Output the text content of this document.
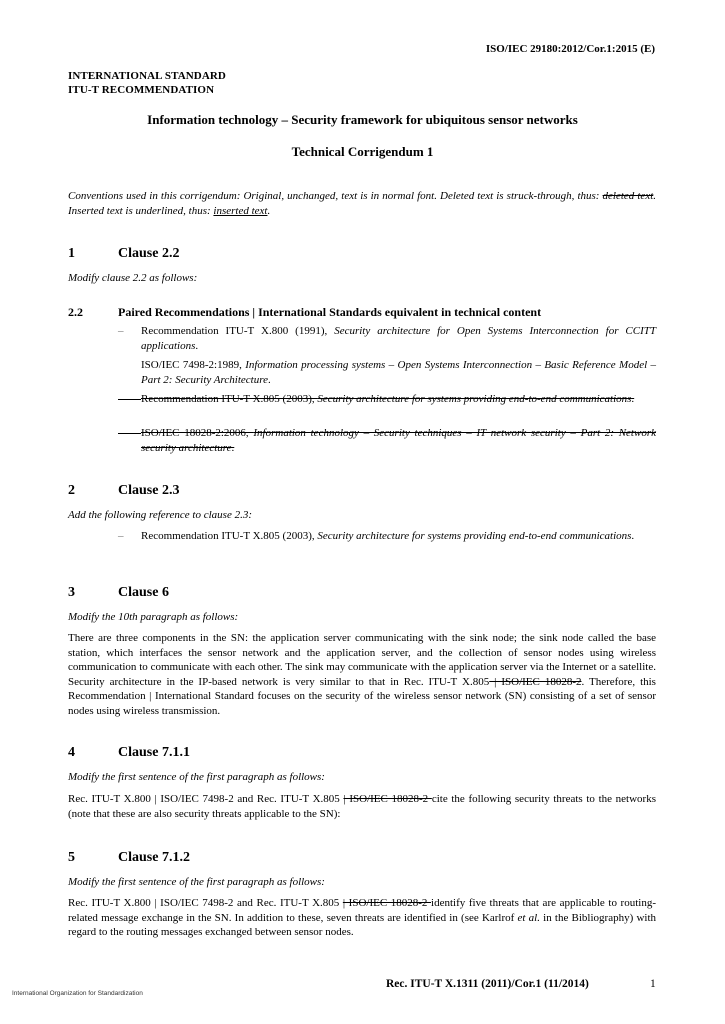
ISO/IEC 29180:2012/Cor.1:2015 (E)
INTERNATIONAL STANDARD
ITU-T RECOMMENDATION
Information technology – Security framework for ubiquitous sensor networks
Technical Corrigendum 1
Conventions used in this corrigendum: Original, unchanged, text is in normal font. Deleted text is struck-through, thus: deleted text. Inserted text is underlined, thus: inserted text.
1	Clause 2.2
Modify clause 2.2 as follows:
2.2	Paired Recommendations | International Standards equivalent in technical content
– Recommendation ITU-T X.800 (1991), Security architecture for Open Systems Interconnection for CCITT applications.
ISO/IEC 7498-2:1989, Information processing systems – Open Systems Interconnection – Basic Reference Model – Part 2: Security Architecture.
Recommendation ITU-T X.805 (2003), Security architecture for systems providing end-to-end communications.
ISO/IEC 18028-2:2006, Information technology – Security techniques – IT network security – Part 2: Network security architecture.
2	Clause 2.3
Add the following reference to clause 2.3:
– Recommendation ITU-T X.805 (2003), Security architecture for systems providing end-to-end communications.
3	Clause 6
Modify the 10th paragraph as follows:
There are three components in the SN: the application server communicating with the sink node; the sink node called the base station, which interfaces the sensor network and the application server, and the collection of sensor nodes using wireless communication to communicate with each other. The sink may communicate with the application server via the Internet or a satellite. Security architecture in the IP-based network is very similar to that in Rec. ITU-T X.805 | ISO/IEC 18028-2. Therefore, this Recommendation | International Standard focuses on the security of the wireless sensor network (SN) consisting of a set of sensor nodes using wireless transmission.
4	Clause 7.1.1
Modify the first sentence of the first paragraph as follows:
Rec. ITU-T X.800 | ISO/IEC 7498-2 and Rec. ITU-T X.805 | ISO/IEC 18028-2 cite the following security threats to the networks (note that these are also security threats applicable to the SN):
5	Clause 7.1.2
Modify the first sentence of the first paragraph as follows:
Rec. ITU-T X.800 | ISO/IEC 7498-2 and Rec. ITU-T X.805 | ISO/IEC 18028-2 identify five threats that are applicable to routing-related message exchange in the SN. In addition to these, seven threats are identified in (see Karlrof et al. in the Bibliography) with regard to the routing messages exchanged between sensor nodes.
International Organization for Standardization
Rec. ITU-T X.1311 (2011)/Cor.1 (11/2014)	1
